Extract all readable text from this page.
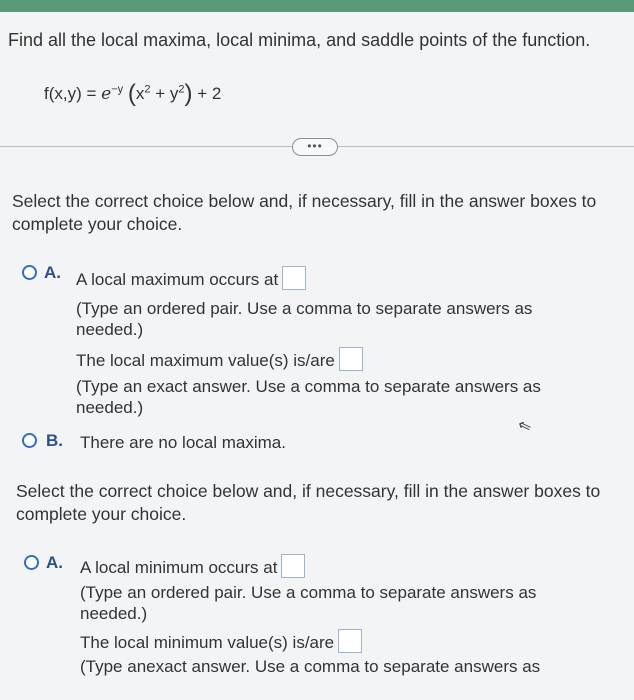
Find all the local maxima, local minima, and saddle points of the function.
$f(x,y) = e^{-y}$ $(x^2 + y^2) + 2$
•••
Select the correct choice below and, if necessary, fill in the answer boxes to complete your choice.
A. A local maximum occurs at
(Type an ordered pair. Use a comma to separate answers as needed.)
The local maximum value(s) is/are
(Type an exact answer. Use a comma to separate answers as needed.)
⇖
B. There are no local maxima.
Select the correct choice below and, if necessary, fill in the answer boxes to complete your choice.
A. A local minimum occurs at
(Type an ordered pair. Use a comma to separate answers as needed.)
The local minimum value(s) is/are
(Type anexact answer. Use a comma to separate answers as
